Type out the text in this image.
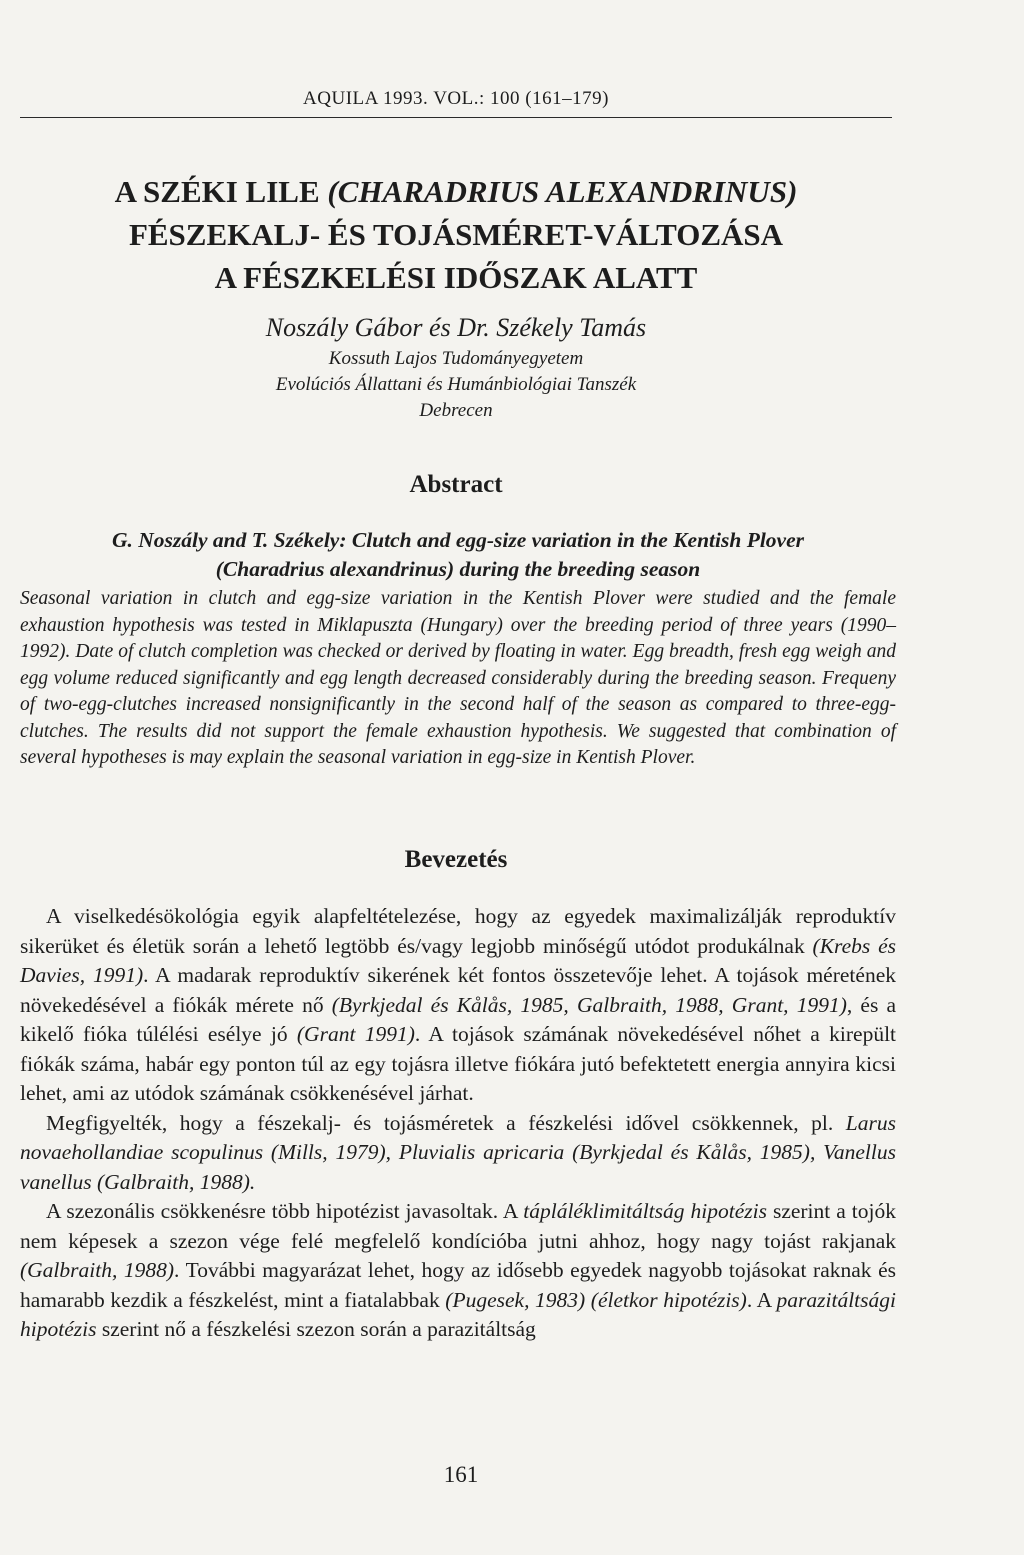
AQUILA 1993. VOL.: 100 (161–179)
A SZÉKI LILE (CHARADRIUS ALEXANDRINUS)
FÉSZEKALJ- ÉS TOJÁSMÉRET-VÁLTOZÁSA
A FÉSZKELÉSI IDŐSZAK ALATT
Noszály Gábor és Dr. Székely Tamás
Kossuth Lajos Tudományegyetem
Evolúciós Állattani és Humánbiológiai Tanszék
Debrecen
Abstract
G. Noszály and T. Székely: Clutch and egg-size variation in the Kentish Plover
(Charadrius alexandrinus) during the breeding season
Seasonal variation in clutch and egg-size variation in the Kentish Plover were studied and the female exhaustion hypothesis was tested in Miklapuszta (Hungary) over the breeding period of three years (1990–1992). Date of clutch completion was checked or derived by floating in water. Egg breadth, fresh egg weigh and egg volume reduced significantly and egg length decreased considerably during the breeding season. Frequeny of two-egg-clutches increased nonsignificantly in the second half of the season as compared to three-egg-clutches. The results did not support the female exhaustion hypothesis. We suggested that combination of several hypotheses is may explain the seasonal variation in egg-size in Kentish Plover.
Bevezetés

A viselkedésökológia egyik alapfeltételezése, hogy az egyedek maximalizálják reproduktív sikerüket és életük során a lehető legtöbb és/vagy legjobb minőségű utódot produkálnak (Krebs és Davies, 1991). A madarak reproduktív sikerének két fontos összetevője lehet. A tojások méretének növekedésével a fiókák mérete nő (Byrkjedal és Kålås, 1985, Galbraith, 1988, Grant, 1991), és a kikelő fióka túlélési esélye jó (Grant 1991). A tojások számának növekedésével nőhet a kirepült fiókák száma, habár egy ponton túl az egy tojásra illetve fiókára jutó befektetett energia annyira kicsi lehet, ami az utódok számának csökkenésével járhat.

Megfigyelték, hogy a fészekalj- és tojásméretek a fészkelési idővel csökkennek, pl. Larus novaehollandiae scopulinus (Mills, 1979), Pluvialis apricaria (Byrkjedal és Kålås, 1985), Vanellus vanellus (Galbraith, 1988).

A szezonális csökkenésre több hipotézist javasoltak. A tápláléklimitáltság hipotézis szerint a tojók nem képesek a szezon vége felé megfelelő kondícióba jutni ahhoz, hogy nagy tojást rakjanak (Galbraith, 1988). További magyarázat lehet, hogy az idősebb egyedek nagyobb tojásokat raknak és hamarabb kezdik a fészkelést, mint a fiatalabbak (Pugesek, 1983) (életkor hipotézis). A parazitáltsági hipotézis szerint nő a fészkelési szezon során a parazitáltság

161
